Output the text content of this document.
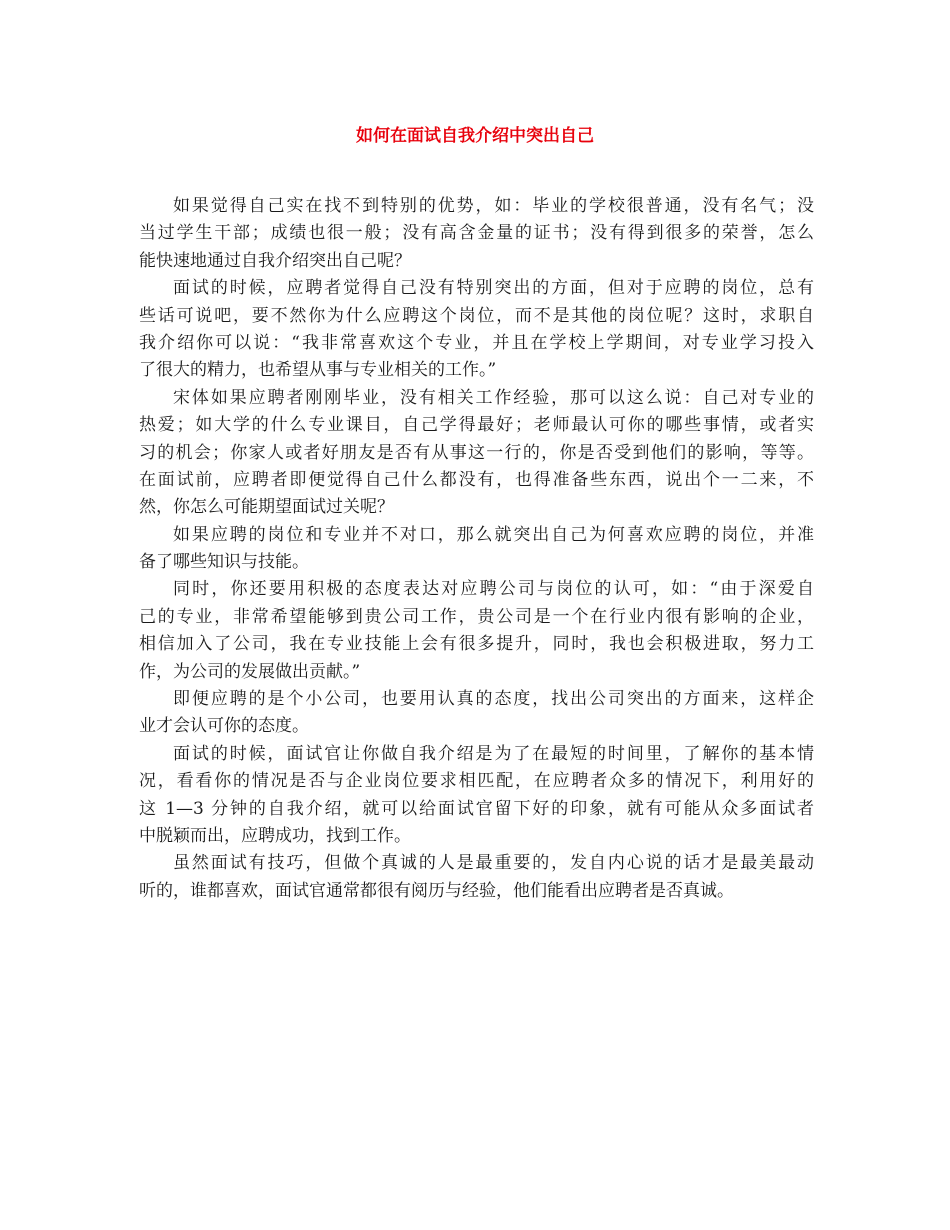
如何在面试自我介绍中突出自己

如果觉得自己实在找不到特别的优势，如：毕业的学校很普通，没有名气；没
当过学生干部；成绩也很一般；没有高含金量的证书；没有得到很多的荣誉，怎么
能快速地通过自我介绍突出自己呢？

面试的时候，应聘者觉得自己没有特别突出的方面，但对于应聘的岗位，总有
些话可说吧，要不然你为什么应聘这个岗位，而不是其他的岗位呢？这时，求职自
我介绍你可以说：“我非常喜欢这个专业，并且在学校上学期间，对专业学习投入
了很大的精力，也希望从事与专业相关的工作。”

宋体如果应聘者刚刚毕业，没有相关工作经验，那可以这么说：自己对专业的
热爱；如大学的什么专业课目，自己学得最好；老师最认可你的哪些事情，或者实
习的机会；你家人或者好朋友是否有从事这一行的，你是否受到他们的影响，等等。
在面试前，应聘者即便觉得自己什么都没有，也得准备些东西，说出个一二来，不
然，你怎么可能期望面试过关呢？

如果应聘的岗位和专业并不对口，那么就突出自己为何喜欢应聘的岗位，并准
备了哪些知识与技能。

同时，你还要用积极的态度表达对应聘公司与岗位的认可，如：“由于深爱自
己的专业，非常希望能够到贵公司工作，贵公司是一个在行业内很有影响的企业，
相信加入了公司，我在专业技能上会有很多提升，同时，我也会积极进取，努力工
作，为公司的发展做出贡献。”

即便应聘的是个小公司，也要用认真的态度，找出公司突出的方面来，这样企
业才会认可你的态度。

面试的时候，面试官让你做自我介绍是为了在最短的时间里，了解你的基本情
况，看看你的情况是否与企业岗位要求相匹配，在应聘者众多的情况下，利用好的
这 1—3 分钟的自我介绍，就可以给面试官留下好的印象，就有可能从众多面试者
中脱颖而出，应聘成功，找到工作。

虽然面试有技巧，但做个真诚的人是最重要的，发自内心说的话才是最美最动
听的，谁都喜欢，面试官通常都很有阅历与经验，他们能看出应聘者是否真诚。
